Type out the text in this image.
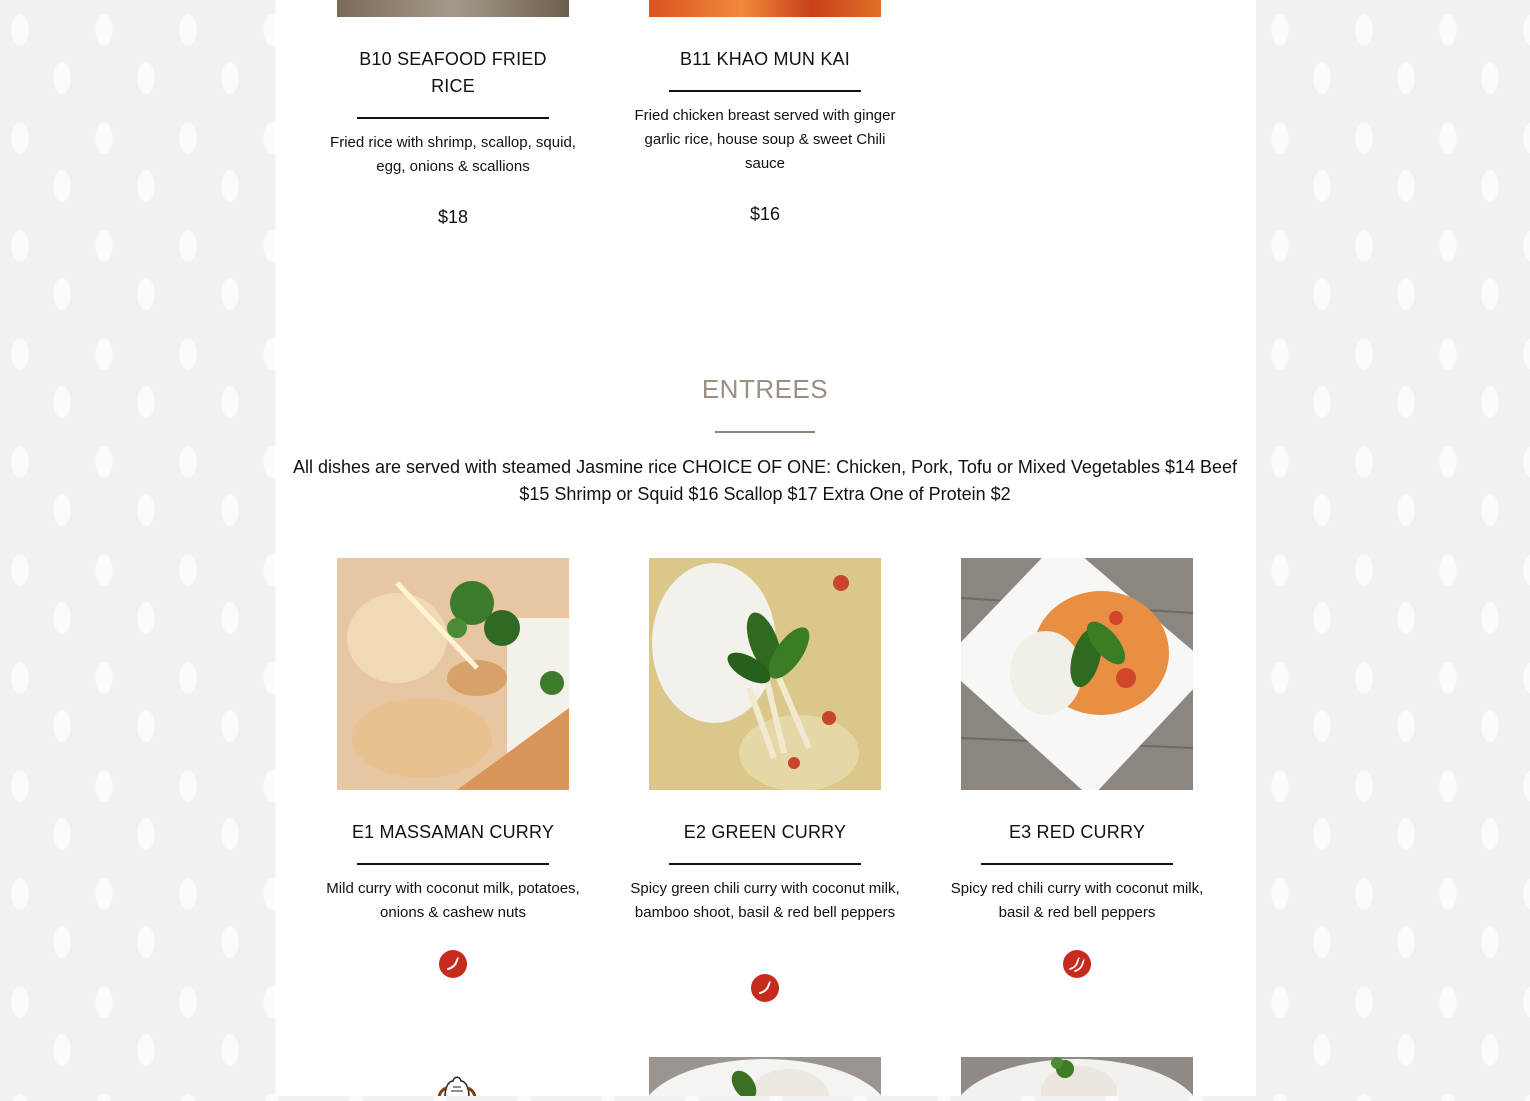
B10 SEAFOOD FRIED RICE
Fried rice with shrimp, scallop, squid, egg, onions & scallions
$18
B11 KHAO MUN KAI
Fried chicken breast served with ginger garlic rice, house soup & sweet Chili sauce
$16
ENTREES
All dishes are served with steamed Jasmine rice CHOICE OF ONE: Chicken, Pork, Tofu or Mixed Vegetables $14 Beef $15 Shrimp or Squid $16 Scallop $17 Extra One of Protein $2
E1 MASSAMAN CURRY
Mild curry with coconut milk, potatoes, onions & cashew nuts
E2 GREEN CURRY
Spicy green chili curry with coconut milk, bamboo shoot, basil & red bell peppers
E3 RED CURRY
Spicy red chili curry with coconut milk, basil & red bell peppers
